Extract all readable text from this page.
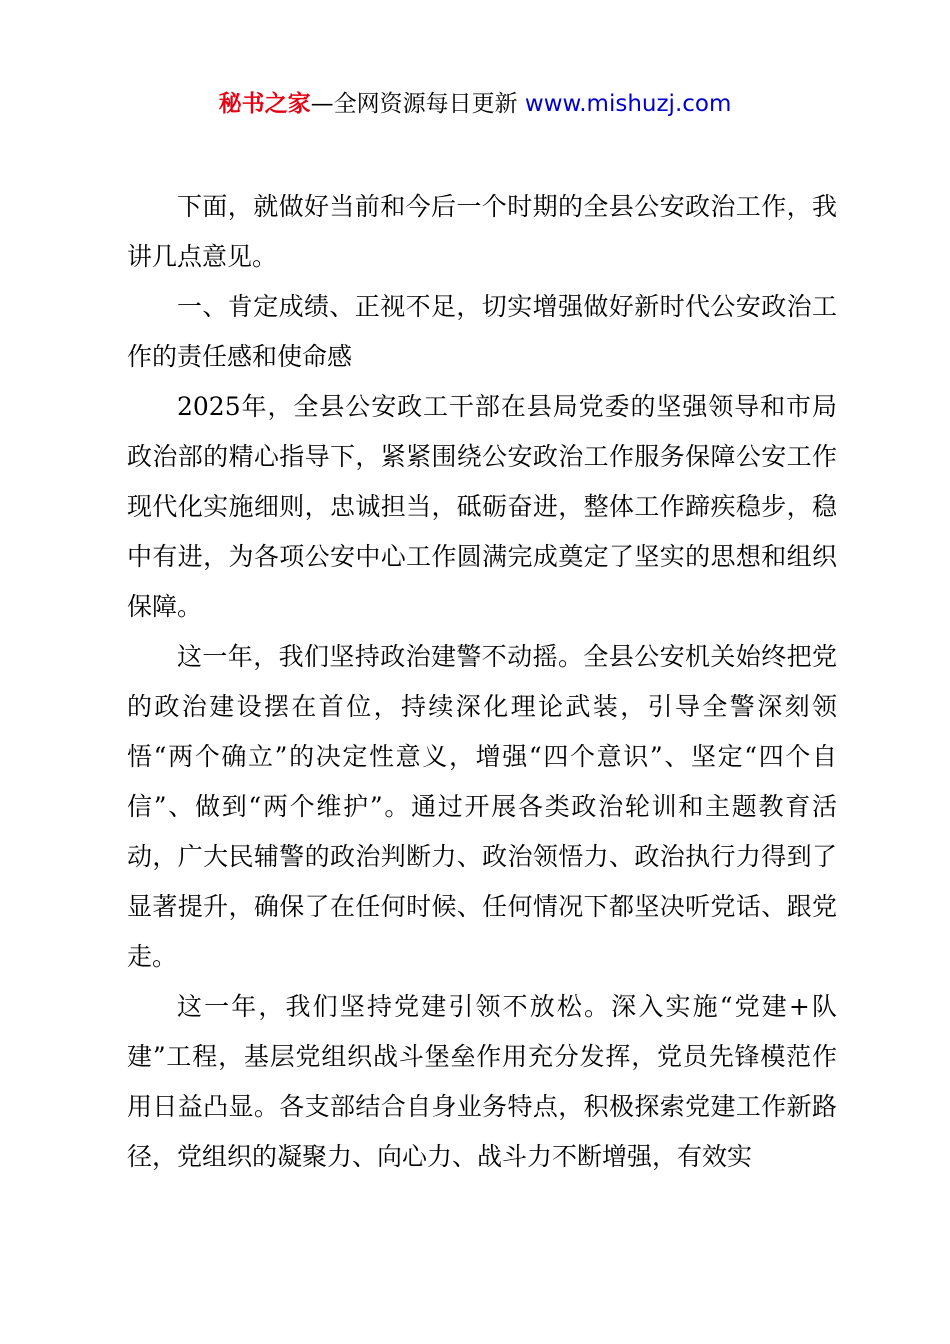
秘书之家—全网资源每日更新 www.mishuzj.com

下面，就做好当前和今后一个时期的全县公安政治工作，我讲几点意见。

一、肯定成绩、正视不足，切实增强做好新时代公安政治工作的责任感和使命感

2025年，全县公安政工干部在县局党委的坚强领导和市局政治部的精心指导下，紧紧围绕公安政治工作服务保障公安工作现代化实施细则，忠诚担当，砥砺奋进，整体工作蹄疾稳步，稳中有进，为各项公安中心工作圆满完成奠定了坚实的思想和组织保障。

这一年，我们坚持政治建警不动摇。全县公安机关始终把党的政治建设摆在首位，持续深化理论武装，引导全警深刻领悟“两个确立”的决定性意义，增强“四个意识”、坚定“四个自信”、做到“两个维护”。通过开展各类政治轮训和主题教育活动，广大民辅警的政治判断力、政治领悟力、政治执行力得到了显著提升，确保了在任何时候、任何情况下都坚决听党话、跟党走。

这一年，我们坚持党建引领不放松。深入实施“党建+队建”工程，基层党组织战斗堡垒作用充分发挥，党员先锋模范作用日益凸显。各支部结合自身业务特点，积极探索党建工作新路径，党组织的凝聚力、向心力、战斗力不断增强，有效实
